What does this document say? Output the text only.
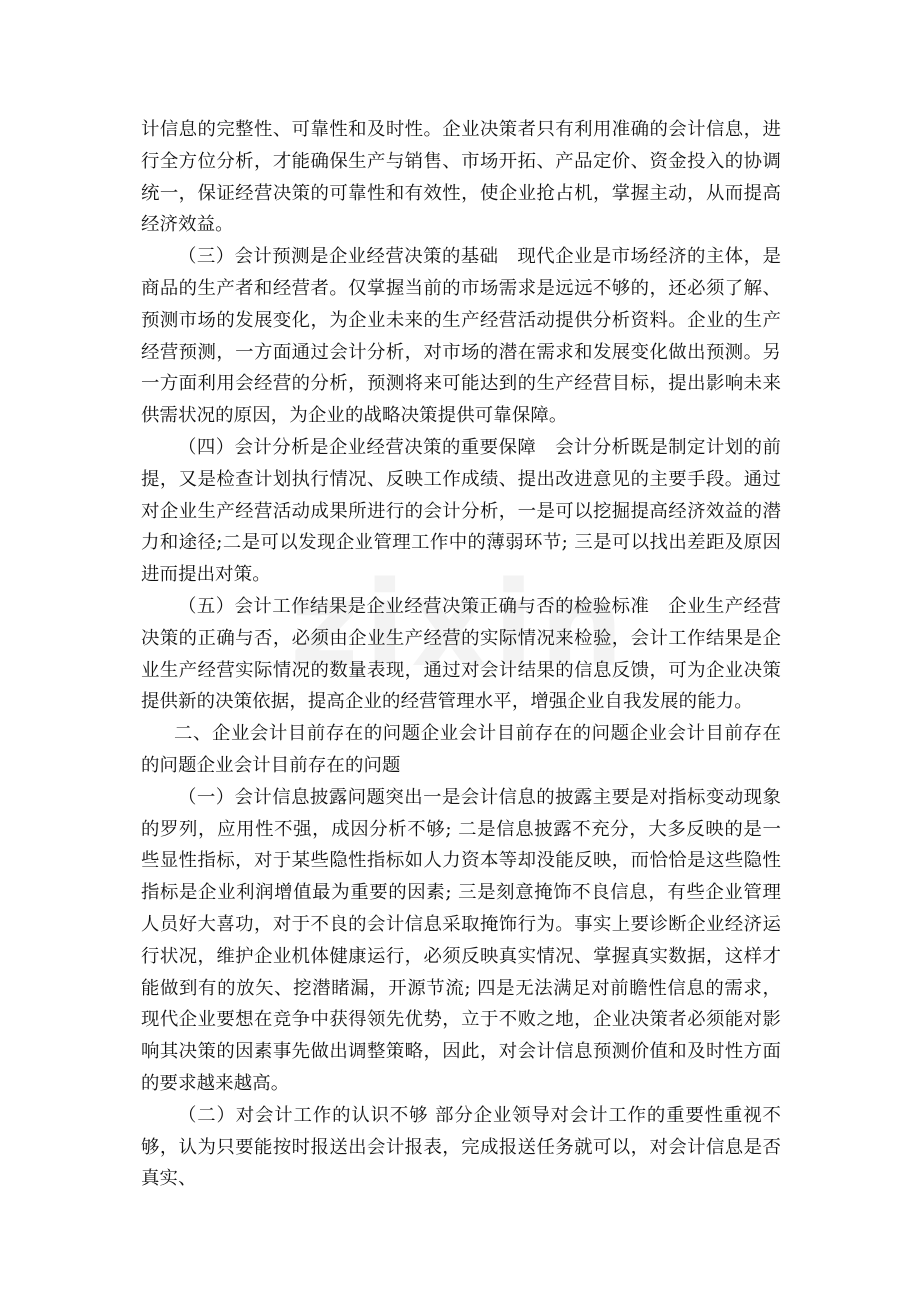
计信息的完整性、可靠性和及时性。企业决策者只有利用准确的会计信息，进行全方位分析，才能确保生产与销售、市场开拓、产品定价、资金投入的协调统一，保证经营决策的可靠性和有效性，使企业抢占机，掌握主动，从而提高经济效益。

（三）会计预测是企业经营决策的基础　现代企业是市场经济的主体，是商品的生产者和经营者。仅掌握当前的市场需求是远远不够的，还必须了解、预测市场的发展变化，为企业未来的生产经营活动提供分析资料。企业的生产经营预测，一方面通过会计分析，对市场的潜在需求和发展变化做出预测。另一方面利用会经营的分析，预测将来可能达到的生产经营目标，提出影响未来供需状况的原因，为企业的战略决策提供可靠保障。

（四）会计分析是企业经营决策的重要保障　会计分析既是制定计划的前提，又是检查计划执行情况、反映工作成绩、提出改进意见的主要手段。通过对企业生产经营活动成果所进行的会计分析，一是可以挖掘提高经济效益的潜力和途径;二是可以发现企业管理工作中的薄弱环节; 三是可以找出差距及原因进而提出对策。

（五）会计工作结果是企业经营决策正确与否的检验标准　企业生产经营决策的正确与否，必须由企业生产经营的实际情况来检验，会计工作结果是企业生产经营实际情况的数量表现，通过对会计结果的信息反馈，可为企业决策提供新的决策依据，提高企业的经营管理水平，增强企业自我发展的能力。

二、企业会计目前存在的问题企业会计目前存在的问题企业会计目前存在的问题企业会计目前存在的问题

（一）会计信息披露问题突出一是会计信息的披露主要是对指标变动现象的罗列，应用性不强，成因分析不够; 二是信息披露不充分，大多反映的是一些显性指标，对于某些隐性指标如人力资本等却没能反映，而恰恰是这些隐性指标是企业利润增值最为重要的因素; 三是刻意掩饰不良信息，有些企业管理人员好大喜功，对于不良的会计信息采取掩饰行为。事实上要诊断企业经济运行状况，维护企业机体健康运行，必须反映真实情况、掌握真实数据，这样才能做到有的放矢、挖潜睹漏，开源节流; 四是无法满足对前瞻性信息的需求，现代企业要想在竞争中获得领先优势，立于不败之地，企业决策者必须能对影响其决策的因素事先做出调整策略，因此，对会计信息预测价值和及时性方面的要求越来越高。

（二）对会计工作的认识不够 部分企业领导对会计工作的重要性重视不够，认为只要能按时报送出会计报表，完成报送任务就可以，对会计信息是否真实、
